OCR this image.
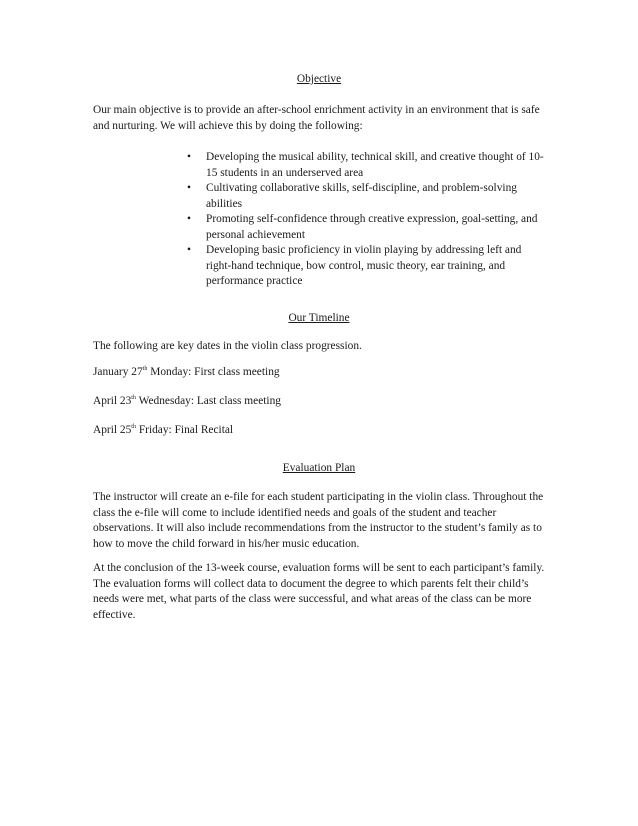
Objective

Our main objective is to provide an after-school enrichment activity in an environment that is safe and nurturing. We will achieve this by doing the following:

• Developing the musical ability, technical skill, and creative thought of 10-15 students in an underserved area
• Cultivating collaborative skills, self-discipline, and problem-solving abilities
• Promoting self-confidence through creative expression, goal-setting, and personal achievement
• Developing basic proficiency in violin playing by addressing left and right-hand technique, bow control, music theory, ear training, and performance practice
Our Timeline

The following are key dates in the violin class progression.

January 27th Monday: First class meeting

April 23th Wednesday: Last class meeting

April 25th Friday: Final Recital

Evaluation Plan

The instructor will create an e-file for each student participating in the violin class. Throughout the class the e-file will come to include identified needs and goals of the student and teacher observations. It will also include recommendations from the instructor to the student’s family as to how to move the child forward in his/her music education.

At the conclusion of the 13-week course, evaluation forms will be sent to each participant’s family. The evaluation forms will collect data to document the degree to which parents felt their child’s needs were met, what parts of the class were successful, and what areas of the class can be more effective.
